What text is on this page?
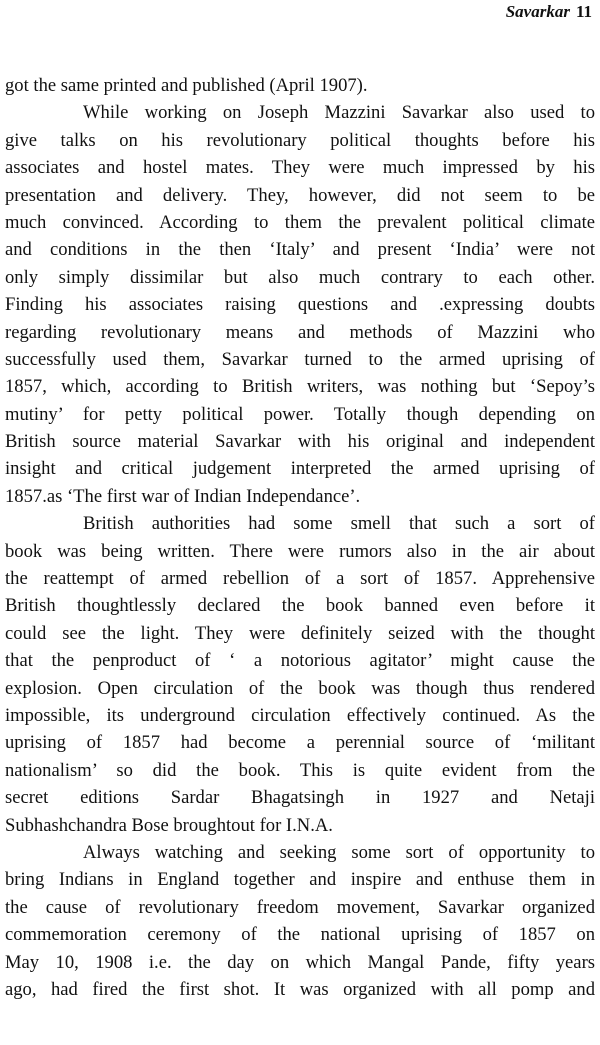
Savarkar 11
got the same printed and published (April 1907).
While working on Joseph Mazzini Savarkar also used to
give talks on his revolutionary political thoughts before his
associates and hostel mates. They were much impressed by his
presentation and delivery. They, however, did not seem to be
much convinced. According to them the prevalent political climate
and conditions in the then ‘Italy’ and present ‘India’ were not
only simply dissimilar but also much contrary to each other.
Finding his associates raising questions and .expressing doubts
regarding revolutionary means and methods of Mazzini who
successfully used them, Savarkar turned to the armed uprising of
1857, which, according to British writers, was nothing but ‘Sepoy’s
mutiny’ for petty political power. Totally though depending on
British source material Savarkar with his original and independent
insight and critical judgement interpreted the armed uprising of
1857.as ‘The first war of Indian Independance’.
British authorities had some smell that such a sort of
book was being written. There were rumors also in the air about
the reattempt of armed rebellion of a sort of 1857. Apprehensive
British thoughtlessly declared the book banned even before it
could see the light. They were definitely seized with the thought
that the penproduct of ‘ a notorious agitator’ might cause the
explosion. Open circulation of the book was though thus rendered
impossible, its underground circulation effectively continued. As the
uprising of 1857 had become a perennial source of ‘militant
nationalism’ so did the book. This is quite evident from the
secret editions Sardar Bhagatsingh in 1927 and Netaji
Subhashchandra Bose broughtout for I.N.A.
Always watching and seeking some sort of opportunity to
bring Indians in England together and inspire and enthuse them in
the cause of revolutionary freedom movement, Savarkar organized
commemoration ceremony of the national uprising of 1857 on
May 10, 1908 i.e. the day on which Mangal Pande, fifty years
ago, had fired the first shot. It was organized with all pomp and
